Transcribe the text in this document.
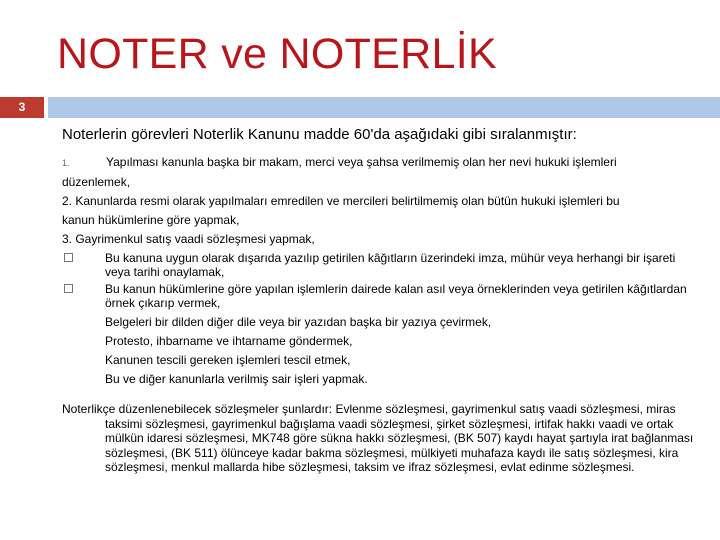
NOTER ve NOTERLİK
3
Noterlerin görevleri Noterlik Kanunu madde 60'da aşağıdaki gibi sıralanmıştır:
1.	Yapılması kanunla başka bir makam, merci veya şahsa verilmemiş olan her nevi hukuki işlemleri
düzenlemek,
2. Kanunlarda resmi olarak yapılmaları emredilen ve mercileri belirtilmemiş olan bütün hukuki işlemleri bu
kanun hükümlerine göre yapmak,
3. Gayrimenkul satış vaadi sözleşmesi yapmak,
Bu kanuna uygun olarak dışarıda yazılıp getirilen kâğıtların üzerindeki imza, mühür veya herhangi bir işareti veya tarihi onaylamak,
Bu kanun hükümlerine göre yapılan işlemlerin dairede kalan asıl veya örneklerinden veya getirilen kâğıtlardan örnek çıkarıp vermek,
Belgeleri bir dilden diğer dile veya bir yazıdan başka bir yazıya çevirmek,
Protesto, ihbarname ve ihtarname göndermek,
Kanunen tescili gereken işlemleri tescil etmek,
Bu ve diğer kanunlarla verilmiş sair işleri yapmak.
Noterlikçe düzenlenebilecek sözleşmeler şunlardır: Evlenme sözleşmesi, gayrimenkul satış vaadi sözleşmesi, miras taksimi sözleşmesi, gayrimenkul bağışlama vaadi sözleşmesi, şirket sözleşmesi, irtifak hakkı vaadi ve ortak mülkün idaresi sözleşmesi, MK748 göre sükna hakkı sözleşmesi, (BK 507) kaydı hayat şartıyla irat bağlanması sözleşmesi, (BK 511) ölünceye kadar bakma sözleşmesi, mülkiyeti muhafaza kaydı ile satış sözleşmesi, kira sözleşmesi, menkul mallarda hibe sözleşmesi, taksim ve ifraz sözleşmesi, evlat edinme sözleşmesi.
